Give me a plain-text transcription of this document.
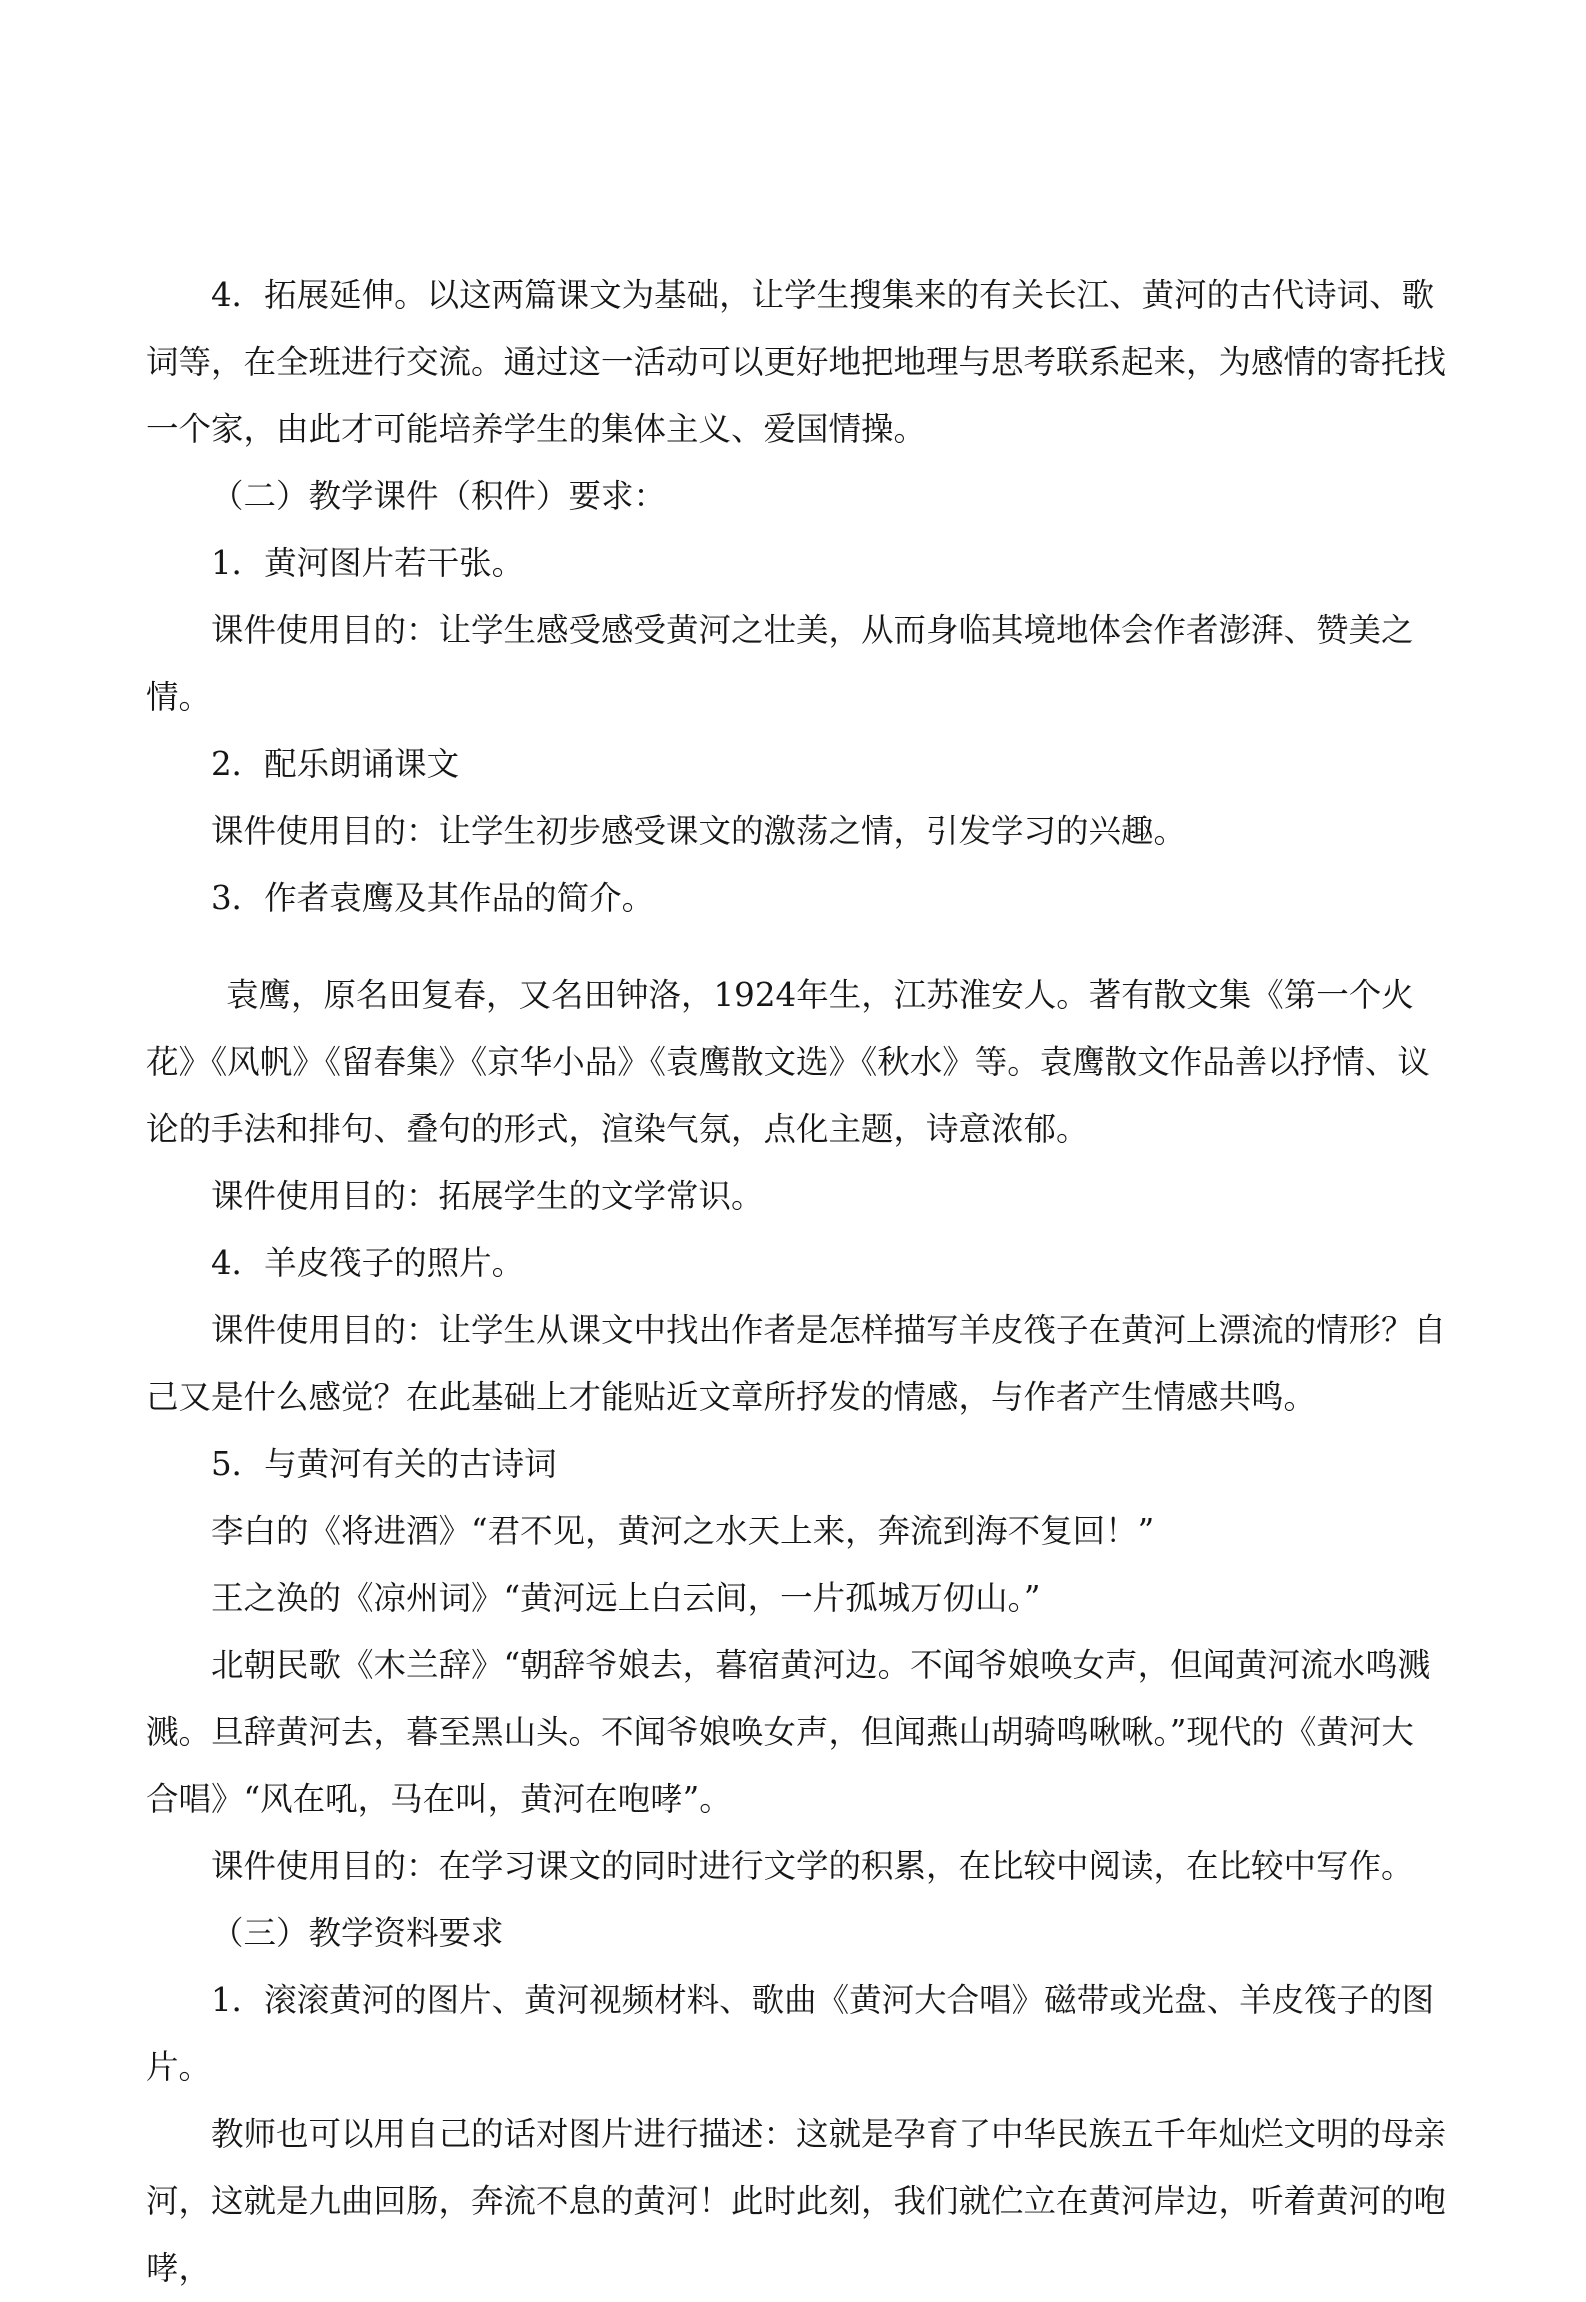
4．拓展延伸。以这两篇课文为基础，让学生搜集来的有关长江、黄河的古代诗词、歌词等，在全班进行交流。通过这一活动可以更好地把地理与思考联系起来，为感情的寄托找一个家，由此才可能培养学生的集体主义、爱国情操。

（二）教学课件（积件）要求：

1．黄河图片若干张。

课件使用目的：让学生感受感受黄河之壮美，从而身临其境地体会作者澎湃、赞美之情。

2．配乐朗诵课文

课件使用目的：让学生初步感受课文的激荡之情，引发学习的兴趣。

3．作者袁鹰及其作品的简介。

袁鹰，原名田复春，又名田钟洛，1924年生，江苏淮安人。著有散文集《第一个火花》《风帆》《留春集》《京华小品》《袁鹰散文选》《秋水》等。袁鹰散文作品善以抒情、议论的手法和排句、叠句的形式，渲染气氛，点化主题，诗意浓郁。

课件使用目的：拓展学生的文学常识。

4．羊皮筏子的照片。

课件使用目的：让学生从课文中找出作者是怎样描写羊皮筏子在黄河上漂流的情形？自己又是什么感觉？在此基础上才能贴近文章所抒发的情感，与作者产生情感共鸣。

5．与黄河有关的古诗词

李白的《将进酒》“君不见，黄河之水天上来，奔流到海不复回！”

王之涣的《凉州词》“黄河远上白云间，一片孤城万仞山。”

北朝民歌《木兰辞》“朝辞爷娘去，暮宿黄河边。不闻爷娘唤女声，但闻黄河流水鸣溅溅。旦辞黄河去，暮至黑山头。不闻爷娘唤女声，但闻燕山胡骑鸣啾啾。”现代的《黄河大合唱》“风在吼，马在叫，黄河在咆哮”。

课件使用目的：在学习课文的同时进行文学的积累，在比较中阅读，在比较中写作。

（三）教学资料要求

1．滚滚黄河的图片、黄河视频材料、歌曲《黄河大合唱》磁带或光盘、羊皮筏子的图片。

教师也可以用自己的话对图片进行描述：这就是孕育了中华民族五千年灿烂文明的母亲河，这就是九曲回肠，奔流不息的黄河！此时此刻，我们就伫立在黄河岸边，听着黄河的咆哮，
